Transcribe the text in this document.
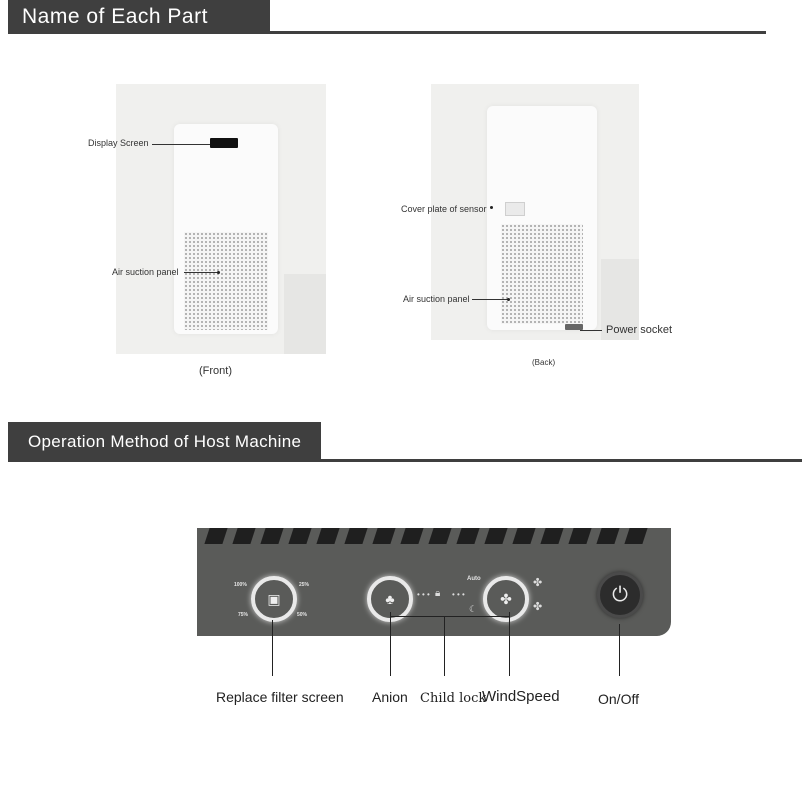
Name of Each Part
Display Screen
Air suction panel
(Front)
Cover plate of sensor
Air suction panel
Power socket
(Back)
Operation Method of Host Machine
100%	25%
75%	50%
▣	♣	• • • 🔒︎ • • •
☾
Auto
✤
✤
✤
⏻
Replace filter screen Anion Child lock
WindSpeed	On/Off
